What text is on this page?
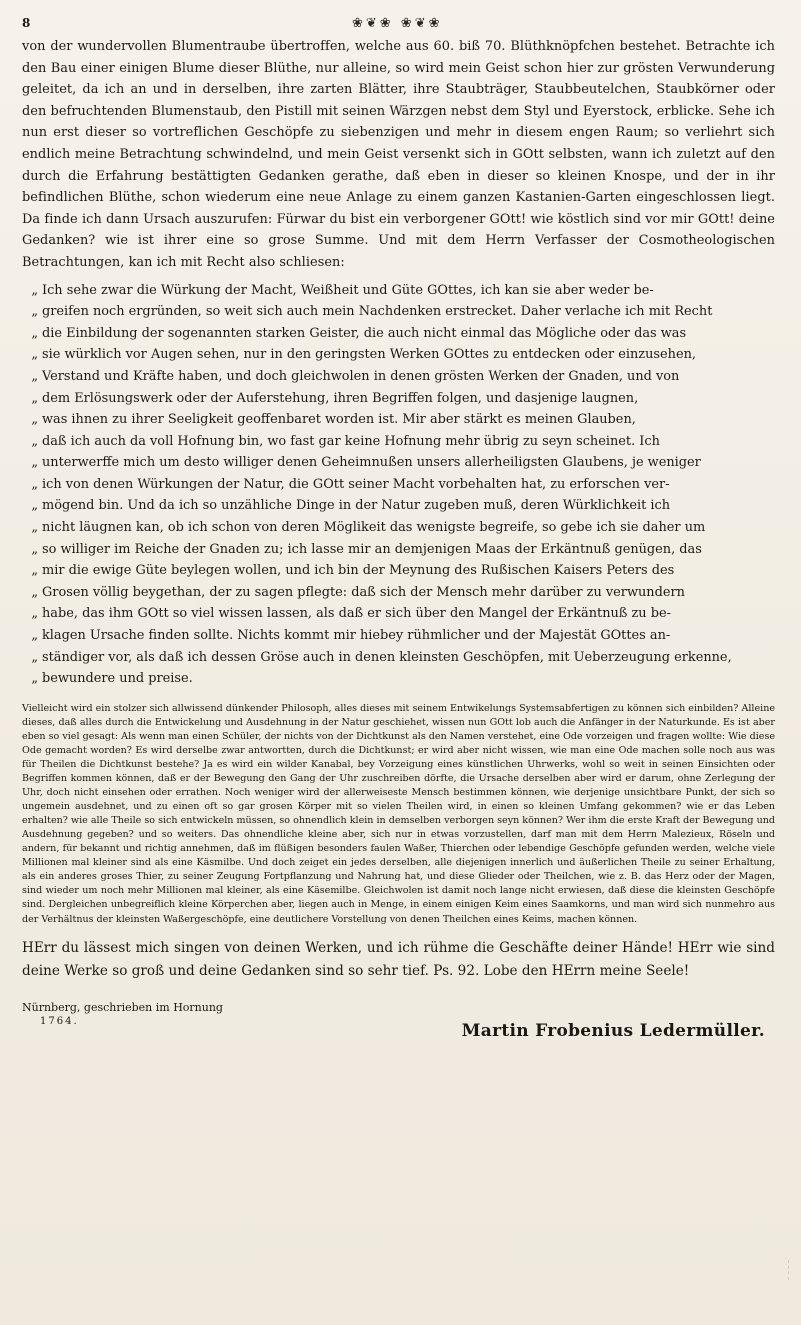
8	❀❦❀ ❀❦❀

von der wundervollen Blumentraube übertroffen, welche aus 60. biß 70. Blüthknöpfchen bestehet. Betrachte ich den Bau einer einigen Blume dieser Blüthe, nur alleine, so wird mein Geist schon hier zur grösten Verwunderung geleitet, da ich an und in derselben, ihre zarten Blätter, ihre Staubträger, Staubbeutelchen, Staubkörner oder den befruchtenden Blumenstaub, den Pistill mit seinen Wärzgen nebst dem Styl und Eyerstock, erblicke. Sehe ich nun erst dieser so vortreflichen Geschöpfe zu siebenzigen und mehr in diesem engen Raum; so verliehrt sich endlich meine Betrachtung schwindelnd, und mein Geist versenkt sich in GOtt selbsten, wann ich zuletzt auf den durch die Erfahrung bestättigten Gedanken gerathe, daß eben in dieser so kleinen Knospe, und der in ihr befindlichen Blüthe, schon wiederum eine neue Anlage zu einem ganzen Kastanien-Garten eingeschlossen liegt. Da finde ich dann Ursach auszurufen: Fürwar du bist ein verborgener GOtt! wie köstlich sind vor mir GOtt! deine Gedanken? wie ist ihrer eine so grose Summe. Und mit dem Herrn Verfasser der Cosmotheologischen Betrachtungen, kan ich mit Recht also schliesen:

„ Ich sehe zwar die Würkung der Macht, Weißheit und Güte GOttes, ich kan sie aber weder be-
„ greifen noch ergründen, so weit sich auch mein Nachdenken erstrecket. Daher verlache ich mit Recht
„ die Einbildung der sogenannten starken Geister, die auch nicht einmal das Mögliche oder das was
„ sie würklich vor Augen sehen, nur in den geringsten Werken GOttes zu entdecken oder einzusehen,
„ Verstand und Kräfte haben, und doch gleichwolen in denen grösten Werken der Gnaden, und von
„ dem Erlösungswerk oder der Auferstehung, ihren Begriffen folgen, und dasjenige laugnen,
„ was ihnen zu ihrer Seeligkeit geoffenbaret worden ist. Mir aber stärkt es meinen Glauben,
„ daß ich auch da voll Hofnung bin, wo fast gar keine Hofnung mehr übrig zu seyn scheinet. Ich
„ unterwerffe mich um desto williger denen Geheimnußen unsers allerheiligsten Glaubens, je weniger
„ ich von denen Würkungen der Natur, die GOtt seiner Macht vorbehalten hat, zu erforschen ver-
„ mögend bin. Und da ich so unzähliche Dinge in der Natur zugeben muß, deren Würklichkeit ich
„ nicht läugnen kan, ob ich schon von deren Möglikeit das wenigste begreife, so gebe ich sie daher um
„ so williger im Reiche der Gnaden zu; ich lasse mir an demjenigen Maas der Erkäntnuß genügen, das
„ mir die ewige Güte beylegen wollen, und ich bin der Meynung des Rußischen Kaisers Peters des
„ Grosen völlig beygethan, der zu sagen pflegte: daß sich der Mensch mehr darüber zu verwundern
„ habe, das ihm GOtt so viel wissen lassen, als daß er sich über den Mangel der Erkäntnuß zu be-
„ klagen Ursache finden sollte. Nichts kommt mir hiebey rühmlicher und der Majestät GOttes an-
„ ständiger vor, als daß ich dessen Gröse auch in denen kleinsten Geschöpfen, mit Ueberzeugung erkenne,
„ bewundere und preise.

Vielleicht wird ein stolzer sich allwissend dünkender Philosoph, alles dieses mit seinem Entwikelungs Systemsabfertigen zu können sich einbilden? Alleine dieses, daß alles durch die Entwickelung und Ausdehnung in der Natur geschiehet, wissen nun GOtt lob auch die Anfänger in der Naturkunde. Es ist aber eben so viel gesagt: Als wenn man einen Schüler, der nichts von der Dichtkunst als den Namen verstehet, eine Ode vorzeigen und fragen wollte: Wie diese Ode gemacht worden? Es wird derselbe zwar antwortten, durch die Dichtkunst; er wird aber nicht wissen, wie man eine Ode machen solle noch aus was für Theilen die Dichtkunst bestehe? Ja es wird ein wilder Kanabal, bey Vorzeigung eines künstlichen Uhrwerks, wohl so weit in seinen Einsichten oder Begriffen kommen können, daß er der Bewegung den Gang der Uhr zuschreiben dörfte, die Ursache derselben aber wird er darum, ohne Zerlegung der Uhr, doch nicht einsehen oder errathen. Noch weniger wird der allerweiseste Mensch bestimmen können, wie derjenige unsichtbare Punkt, der sich so ungemein ausdehnet, und zu einen oft so gar grosen Körper mit so vielen Theilen wird, in einen so kleinen Umfang gekommen? wie er das Leben erhalten? wie alle Theile so sich entwickeln müssen, so ohnendlich klein in demselben verborgen seyn können? Wer ihm die erste Kraft der Bewegung und Ausdehnung gegeben? und so weiters. Das ohnendliche kleine aber, sich nur in etwas vorzustellen, darf man mit dem Herrn Malezieux, Röseln und andern, für bekannt und richtig annehmen, daß im flüßigen besonders faulen Waßer, Thierchen oder lebendige Geschöpfe gefunden werden, welche viele Millionen mal kleiner sind als eine Käsmilbe. Und doch zeiget ein jedes derselben, alle diejenigen innerlich und äußerlichen Theile zu seiner Erhaltung, als ein anderes groses Thier, zu seiner Zeugung Fortpflanzung und Nahrung hat, und diese Glieder oder Theilchen, wie z. B. das Herz oder der Magen, sind wieder um noch mehr Millionen mal kleiner, als eine Käsemilbe. Gleichwolen ist damit noch lange nicht erwiesen, daß diese die kleinsten Geschöpfe sind. Dergleichen unbegreiflich kleine Körperchen aber, liegen auch in Menge, in einem einigen Keim eines Saamkorns, und man wird sich nunmehro aus der Verhältnus der kleinsten Waßergeschöpfe, eine deutlichere Vorstellung von denen Theilchen eines Keims, machen können.

HErr du lässest mich singen von deinen Werken, und ich rühme die Geschäfte deiner Hände! HErr wie sind deine Werke so groß und deine Gedanken sind so sehr tief. Ps. 92. Lobe den HErrn meine Seele!

Nürnberg, geschrieben im Hornung
1764.	Martin Frobenius Ledermüller.
